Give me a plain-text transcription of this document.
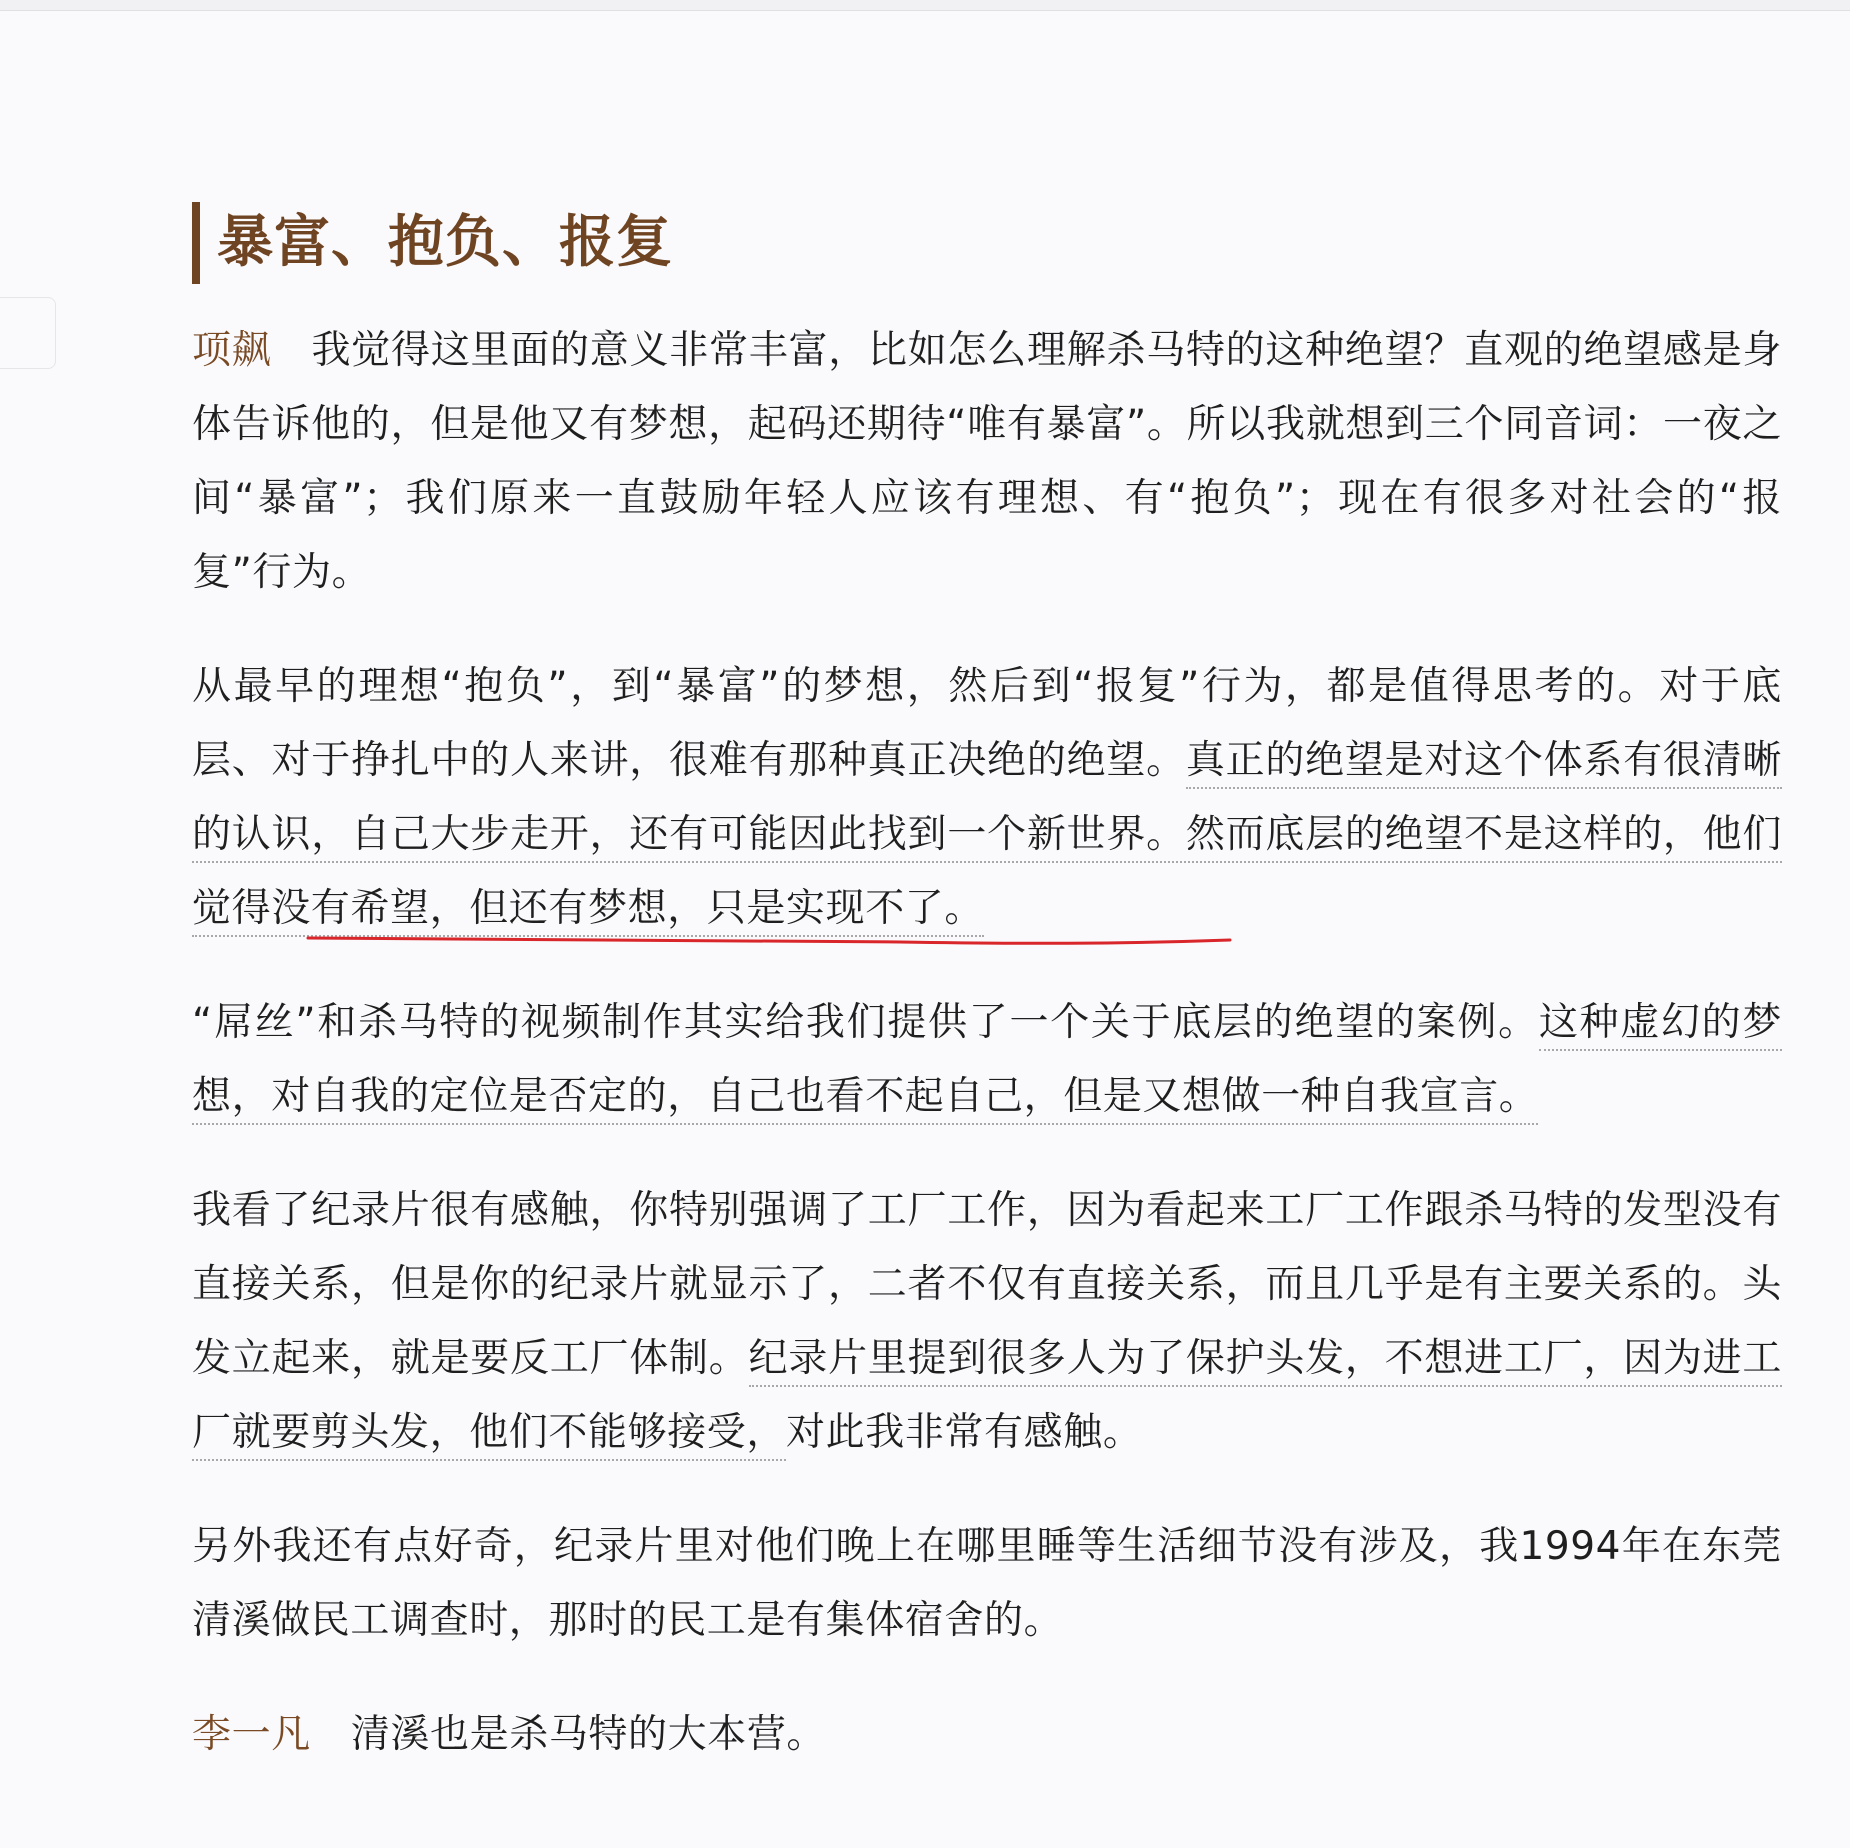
暴富、抱负、报复

项飙 我觉得这里面的意义非常丰富，比如怎么理解杀马特的这种绝望？直观的绝望感是身体告诉他的，但是他又有梦想，起码还期待“唯有暴富”。所以我就想到三个同音词：一夜之间“暴富”；我们原来一直鼓励年轻人应该有理想、有“抱负”；现在有很多对社会的“报复”行为。

从最早的理想“抱负”，到“暴富”的梦想，然后到“报复”行为，都是值得思考的。对于底层、对于挣扎中的人来讲，很难有那种真正决绝的绝望。真正的绝望是对这个体系有很清晰的认识，自己大步走开，还有可能因此找到一个新世界。然而底层的绝望不是这样的，他们觉得没有希望，但还有梦想，只是实现不了。

“屌丝”和杀马特的视频制作其实给我们提供了一个关于底层的绝望的案例。这种虚幻的梦想，对自我的定位是否定的，自己也看不起自己，但是又想做一种自我宣言。

我看了纪录片很有感触，你特别强调了工厂工作，因为看起来工厂工作跟杀马特的发型没有直接关系，但是你的纪录片就显示了，二者不仅有直接关系，而且几乎是有主要关系的。头发立起来，就是要反工厂体制。纪录片里提到很多人为了保护头发，不想进工厂，因为进工厂就要剪头发，他们不能够接受，对此我非常有感触。

另外我还有点好奇，纪录片里对他们晚上在哪里睡等生活细节没有涉及，我1994年在东莞清溪做民工调查时，那时的民工是有集体宿舍的。

李一凡 清溪也是杀马特的大本营。
